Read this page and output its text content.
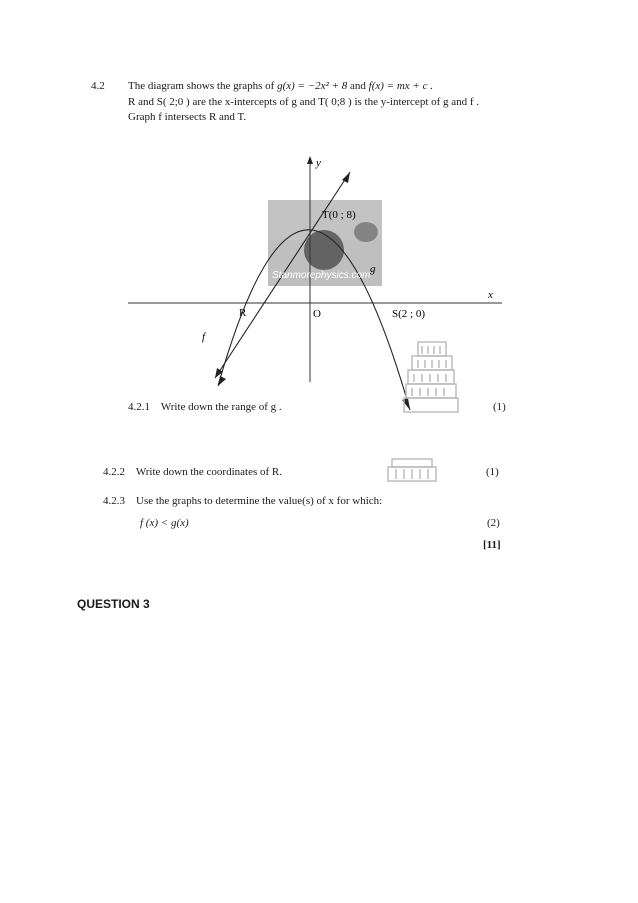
4.2 The diagram shows the graphs of g(x) = −2x² + 8 and f(x) = mx + c .
R and S( 2;0 ) are the x-intercepts of g and T( 0;8 ) is the y-intercept of g and f .
Graph f intersects R and T.
y
x
T(0 ; 8)
R	O	S(2 ; 0)
f
g
Stanmorephysics.com
4.2.1 Write down the range of g .	(1)
4.2.2 Write down the coordinates of R.	(1)
4.2.3 Use the graphs to determine the value(s) of x for which:
f (x) < g(x)	(2)
[11]
QUESTION 3
